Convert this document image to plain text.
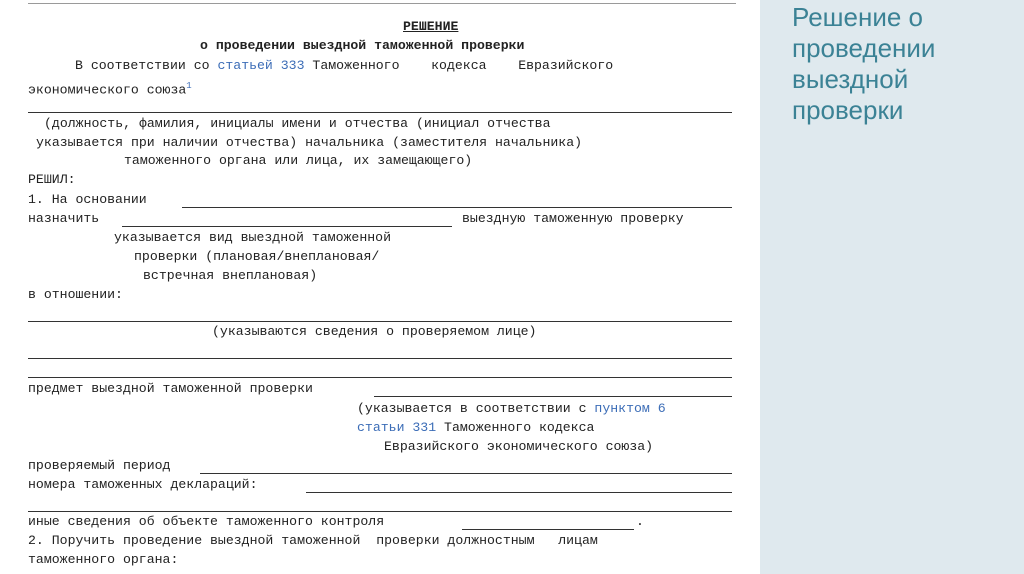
РЕШЕНИЕ
о проведении выездной таможенной проверки
В соответствии со статьей 333 Таможенного    кодекса    Евразийского
экономического союза$^1$
(должность, фамилия, инициалы имени и отчества (инициал отчества
указывается при наличии отчества) начальника (заместителя начальника)
таможенного органа или лица, их замещающего)
РЕШИЛ:
1. На основании
назначить	выездную таможенную проверку
указывается вид выездной таможенной
проверки (плановая/внеплановая/
встречная внеплановая)
в отношении:
(указываются сведения о проверяемом лице)
предмет выездной таможенной проверки
(указывается в соответствии с пунктом 6
статьи 331 Таможенного кодекса
Евразийского экономического союза)
проверяемый период
номера таможенных деклараций:
иные сведения об объекте таможенного контроля	.
2. Поручить проведение выездной таможенной  проверки должностным   лицам
таможенного органа:
Решение о проведении выездной проверки
